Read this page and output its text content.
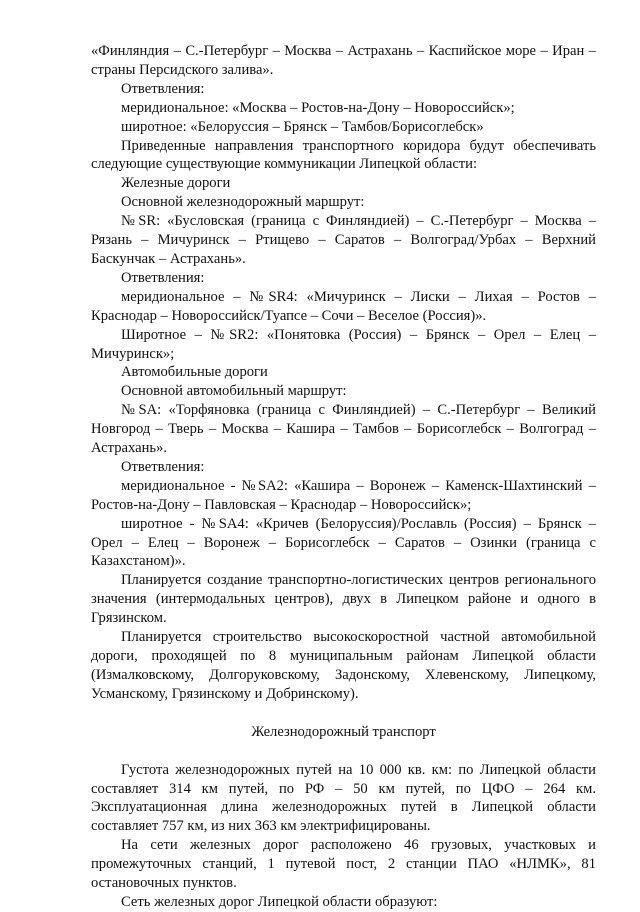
«Финляндия – С.-Петербург – Москва – Астрахань – Каспийское море – Иран – страны Персидского залива».

Ответвления:

меридиональное: «Москва – Ростов-на-Дону – Новороссийск»;

широтное: «Белоруссия – Брянск – Тамбов/Борисоглебск»

Приведенные направления транспортного коридора будут обеспечивать следующие существующие коммуникации Липецкой области:

Железные дороги

Основной железнодорожный маршрут:

№SR: «Бусловская (граница с Финляндией) – С.-Петербург – Москва – Рязань – Мичуринск – Ртищево – Саратов – Волгоград/Урбах – Верхний Баскунчак – Астрахань».

Ответвления:

меридиональное – №SR4: «Мичуринск – Лиски – Лихая – Ростов – Краснодар – Новороссийск/Туапсе – Сочи – Веселое (Россия)».

Широтное – №SR2: «Понятовка (Россия) – Брянск – Орел – Елец – Мичуринск»;

Автомобильные дороги

Основной автомобильный маршрут:

№SA: «Торфяновка (граница с Финляндией) – С.-Петербург – Великий Новгород – Тверь – Москва – Кашира – Тамбов – Борисоглебск – Волгоград – Астрахань».

Ответвления:

меридиональное - №SA2: «Кашира – Воронеж – Каменск-Шахтинский – Ростов-на-Дону – Павловская – Краснодар – Новороссийск»;

широтное - №SA4: «Кричев (Белоруссия)/Рославль (Россия) – Брянск – Орел – Елец – Воронеж – Борисоглебск – Саратов – Озинки (граница с Казахстаном)».

Планируется создание транспортно-логистических центров регионального значения (интермодальных центров), двух в Липецком районе и одного в Грязинском.

Планируется строительство высокоскоростной частной автомобильной дороги, проходящей по 8 муниципальным районам Липецкой области (Измалковскому, Долгоруковскому, Задонскому, Хлевенскому, Липецкому, Усманскому, Грязинскому и Добринскому).

Железнодорожный транспорт

Густота железнодорожных путей на 10 000 кв. км: по Липецкой области составляет 314 км путей, по РФ – 50 км путей, по ЦФО – 264 км. Эксплуатационная длина железнодорожных путей в Липецкой области составляет 757 км, из них 363 км электрифицированы.

На сети железных дорог расположено 46 грузовых, участковых и промежуточных станций, 1 путевой пост, 2 станции ПАО «НЛМК», 81 остановочных пунктов.

Сеть железных дорог Липецкой области образуют:
